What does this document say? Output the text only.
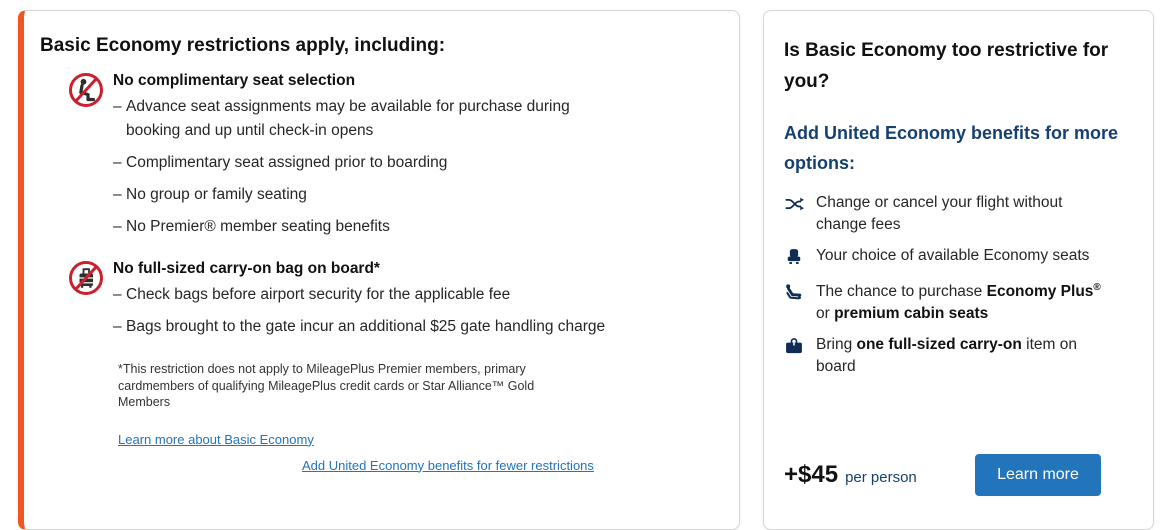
Basic Economy restrictions apply, including:
No complimentary seat selection
– Advance seat assignments may be available for purchase during booking and up until check-in opens
– Complimentary seat assigned prior to boarding
– No group or family seating
– No Premier® member seating benefits
No full-sized carry-on bag on board*
– Check bags before airport security for the applicable fee
– Bags brought to the gate incur an additional $25 gate handling charge
*This restriction does not apply to MileagePlus Premier members, primary cardmembers of qualifying MileagePlus credit cards or Star Alliance™ Gold Members
Learn more about Basic Economy
Add United Economy benefits for fewer restrictions
Is Basic Economy too restrictive for you?
Add United Economy benefits for more options:
Change or cancel your flight without change fees
Your choice of available Economy seats
The chance to purchase Economy Plus® or premium cabin seats
Bring one full-sized carry-on item on board
+$45 per person	Learn more
